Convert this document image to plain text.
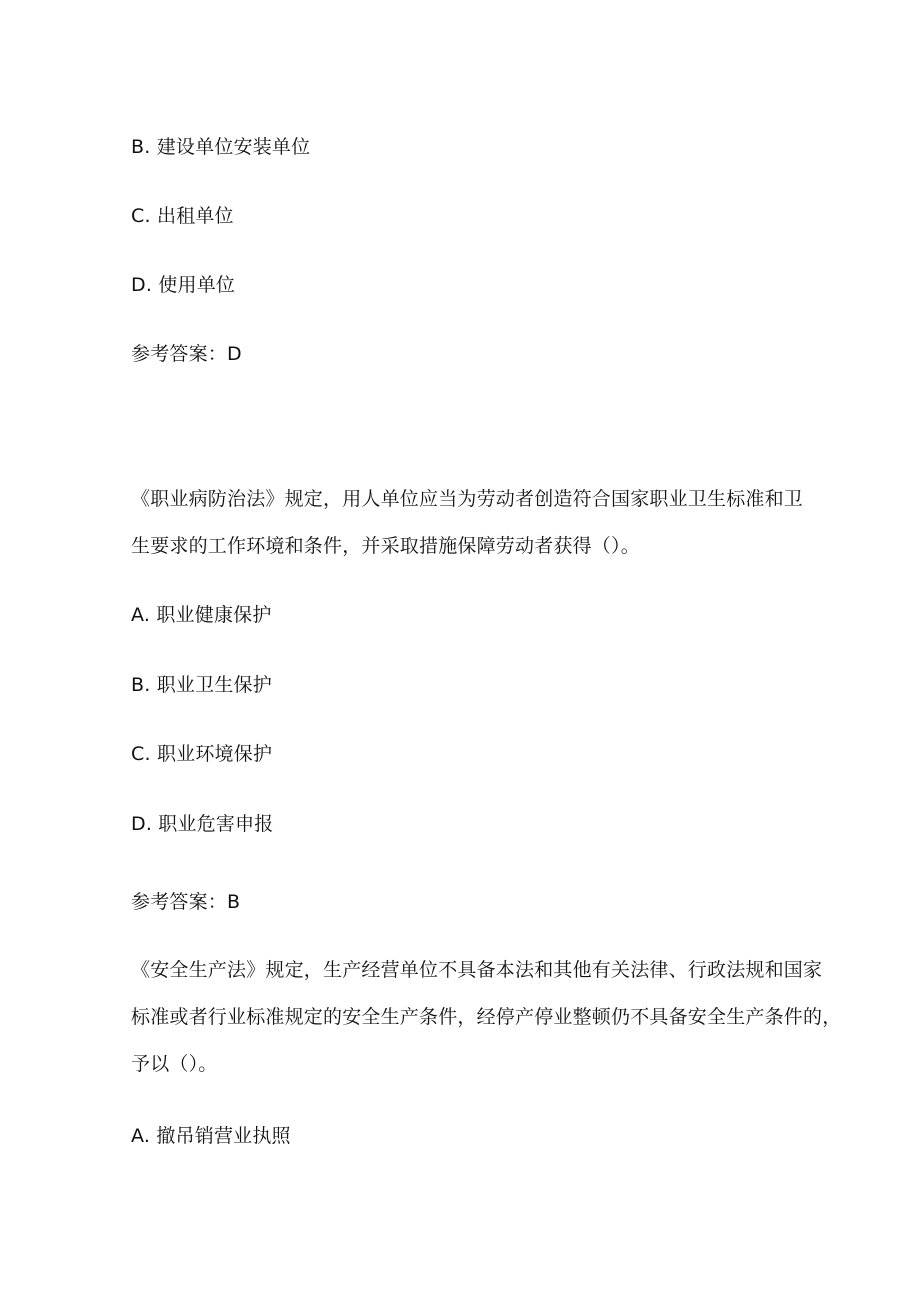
B. 建设单位安装单位
C. 出租单位
D. 使用单位
参考答案：D
《职业病防治法》规定，用人单位应当为劳动者创造符合国家职业卫生标准和卫
生要求的工作环境和条件，并采取措施保障劳动者获得（）。
A. 职业健康保护
B. 职业卫生保护
C. 职业环境保护
D. 职业危害申报
参考答案：B
《安全生产法》规定，生产经营单位不具备本法和其他有关法律、行政法规和国家
标准或者行业标准规定的安全生产条件，经停产停业整顿仍不具备安全生产条件的，
予以（）。
A. 撤吊销营业执照
